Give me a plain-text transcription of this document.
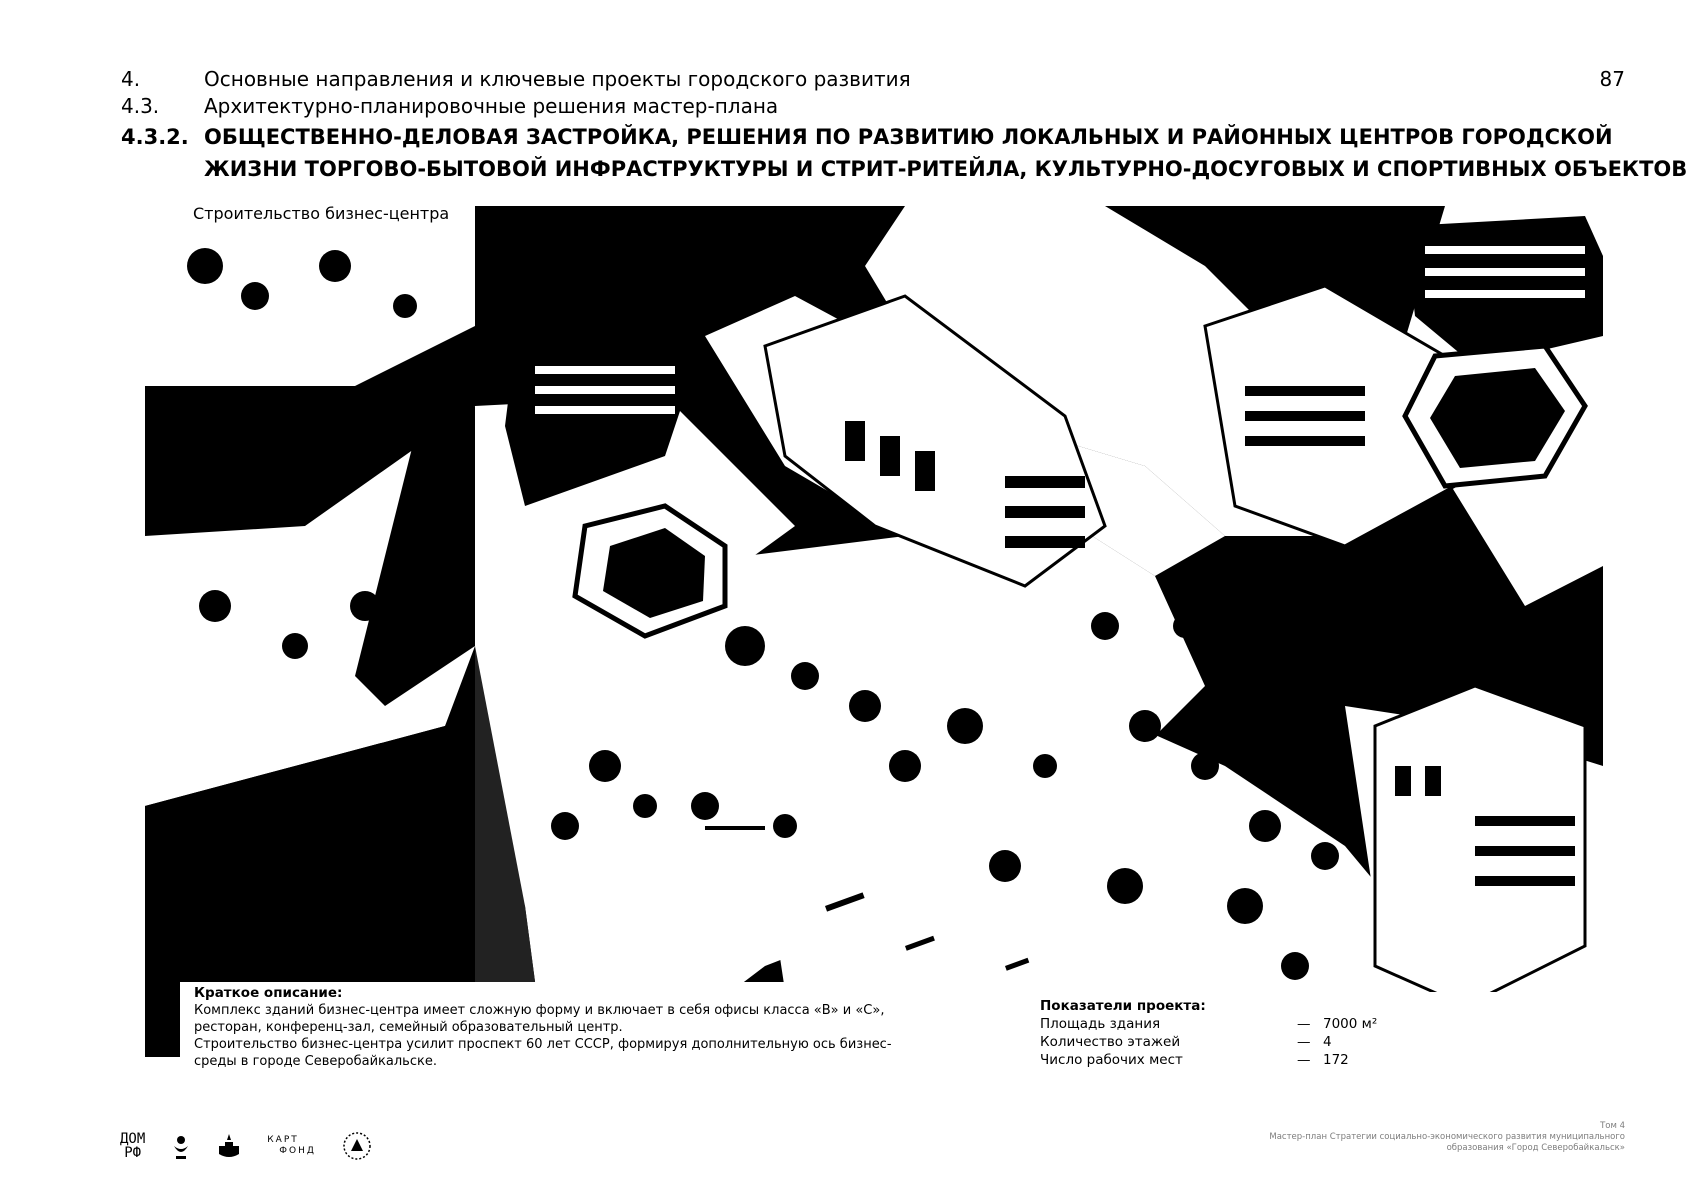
4.	Основные направления и ключевые проекты городского развития
4.3. Архитектурно-планировочные решения мастер-плана
4.3.2. ОБЩЕСТВЕННО-ДЕЛОВАЯ ЗАСТРОЙКА, РЕШЕНИЯ ПО РАЗВИТИЮ ЛОКАЛЬНЫХ И РАЙОННЫХ ЦЕНТРОВ ГОРОДСКОЙ
ЖИЗНИ ТОРГОВО-БЫТОВОЙ ИНФРАСТРУКТУРЫ И СТРИТ-РИТЕЙЛА, КУЛЬТУРНО-ДОСУГОВЫХ И СПОРТИВНЫХ ОБЪЕКТОВ
87
Строительство бизнес-центра
Краткое описание:
Комплекс зданий бизнес-центра имеет сложную форму и включает в себя офисы класса «В» и «С»,
ресторан, конференц-зал, семейный образовательный центр.
Строительство бизнес-центра усилит проспект 60 лет СССР, формируя дополнительную ось бизнес-
среды в городе Северобайкальске.
Показатели проекта:
Площадь здания	— 7000 м²
Количество этажей	— 4
Число рабочих мест	— 172
ДОМ
РФ
КАРТ
ФОНД
Том 4
Мастер-план Стратегии социально-экономического развития муниципального
образования «Город Северобайкальск»
